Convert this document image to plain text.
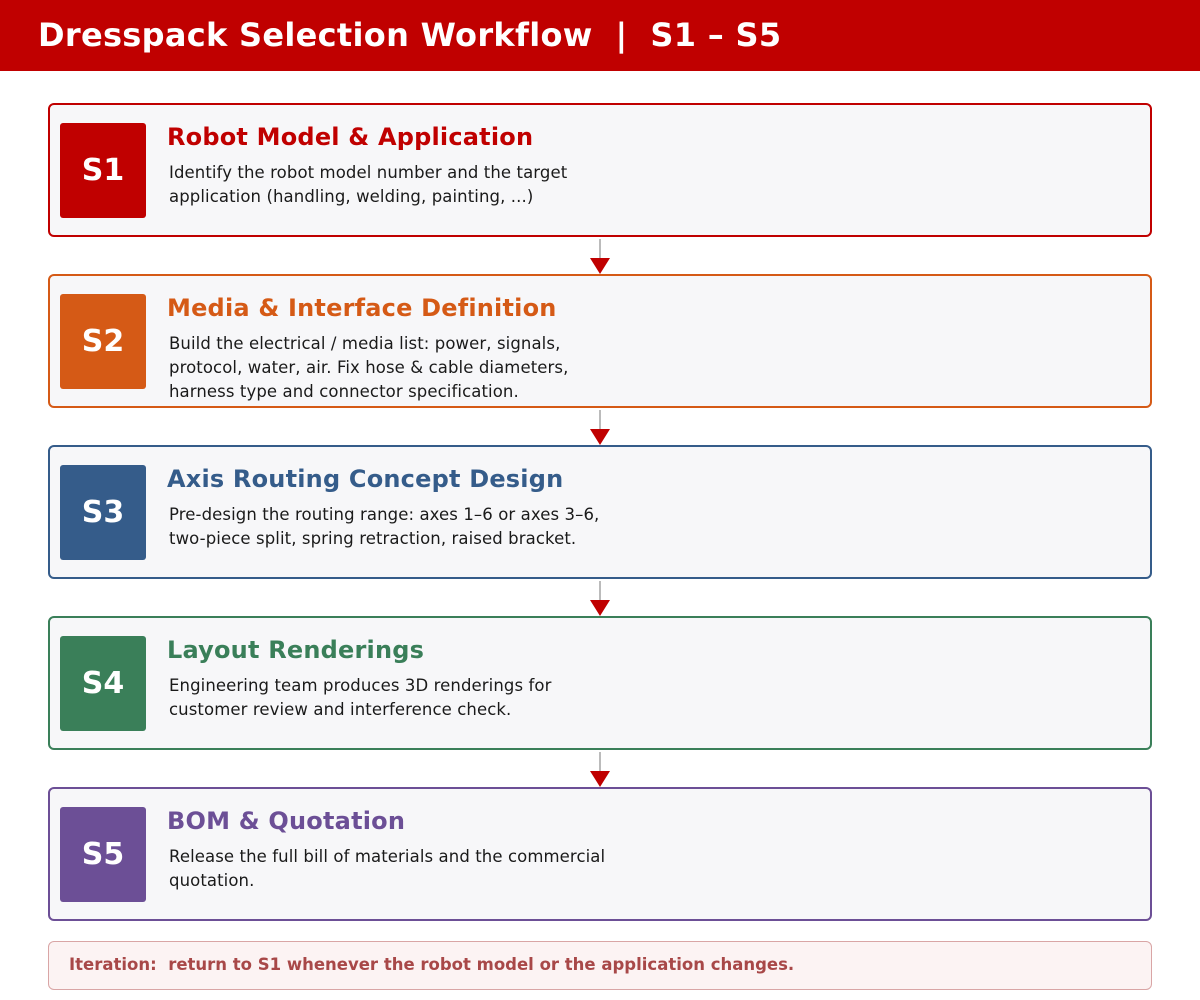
Dresspack Selection Workflow  |  S1 – S5
S1
Robot Model & Application
Identify the robot model number and the target application (handling, welding, painting, ...)
S2
Media & Interface Definition
Build the electrical / media list: power, signals, protocol, water, air. Fix hose & cable diameters, harness type and connector specification.
S3
Axis Routing Concept Design
Pre-design the routing range: axes 1–6 or axes 3–6, two-piece split, spring retraction, raised bracket.
S4
Layout Renderings
Engineering team produces 3D renderings for customer review and interference check.
S5
BOM & Quotation
Release the full bill of materials and the commercial quotation.
Iteration:  return to S1 whenever the robot model or the application changes.
